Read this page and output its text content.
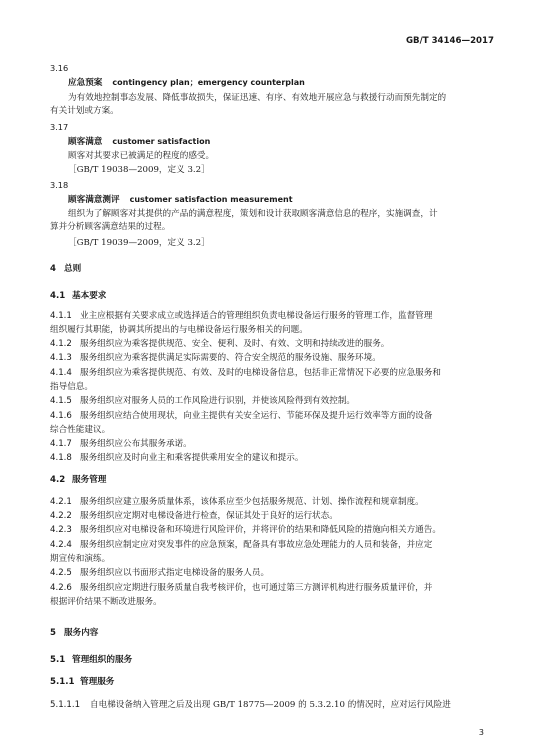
GB/T 34146—2017
3.16
应急预案 contingency plan；emergency counterplan
为有效地控制事态发展、降低事故损失，保证迅速、有序、有效地开展应急与救援行动而预先制定的
有关计划或方案。
3.17
顾客满意 customer satisfaction
顾客对其要求已被满足的程度的感受。
［GB/T 19038—2009，定义 3.2］
3.18
顾客满意测评 customer satisfaction measurement
组织为了解顾客对其提供的产品的满意程度，策划和设计获取顾客满意信息的程序，实施调查，计
算并分析顾客满意结果的过程。
［GB/T 19039—2009，定义 3.2］
4 总则
4.1 基本要求
4.1.1 业主应根据有关要求成立或选择适合的管理组织负责电梯设备运行服务的管理工作，监督管理
组织履行其职能，协调其所提出的与电梯设备运行服务相关的问题。
4.1.2 服务组织应为乘客提供规范、安全、便利、及时、有效、文明和持续改进的服务。
4.1.3 服务组织应为乘客提供满足实际需要的、符合安全规范的服务设施、服务环境。
4.1.4 服务组织应为乘客提供规范、有效、及时的电梯设备信息，包括非正常情况下必要的应急服务和
指导信息。
4.1.5 服务组织应对服务人员的工作风险进行识别，并使该风险得到有效控制。
4.1.6 服务组织应结合使用现状，向业主提供有关安全运行、节能环保及提升运行效率等方面的设备
综合性能建议。
4.1.7 服务组织应公布其服务承诺。
4.1.8 服务组织应及时向业主和乘客提供乘用安全的建议和提示。
4.2 服务管理
4.2.1 服务组织应建立服务质量体系，该体系应至少包括服务规范、计划、操作流程和规章制度。
4.2.2 服务组织应定期对电梯设备进行检查，保证其处于良好的运行状态。
4.2.3 服务组织应对电梯设备和环境进行风险评价，并将评价的结果和降低风险的措施向相关方通告。
4.2.4 服务组织应制定应对突发事件的应急预案，配备具有事故应急处理能力的人员和装备，并应定
期宣传和演练。
4.2.5 服务组织应以书面形式指定电梯设备的服务人员。
4.2.6 服务组织应定期进行服务质量自我考核评价，也可通过第三方测评机构进行服务质量评价，并
根据评价结果不断改进服务。
5 服务内容
5.1 管理组织的服务
5.1.1 管理服务
5.1.1.1 自电梯设备纳入管理之后及出现 GB/T 18775—2009 的 5.3.2.10 的情况时，应对运行风险进
3
